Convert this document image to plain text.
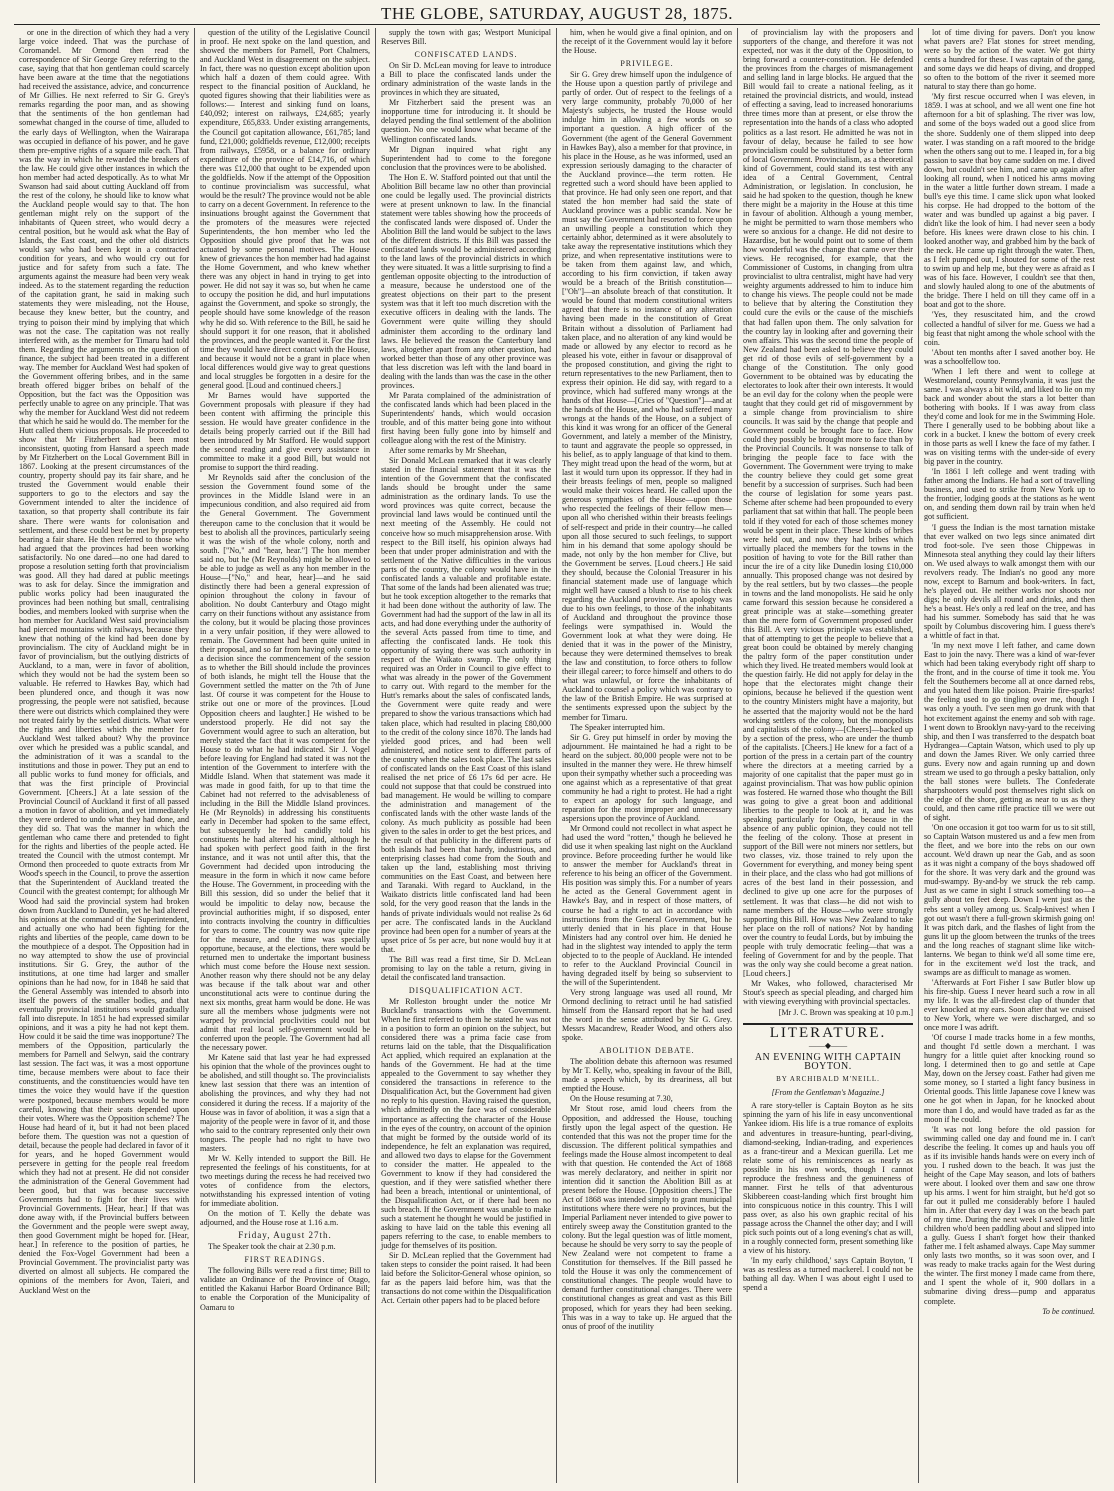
THE GLOBE, SATURDAY, AUGUST 28, 1875.

or one in the direction of which they had a very large voice indeed. That was the purchase of Coromandel. Mr Ormond then read the correspondence of Sir George Grey referring to the case, saying that that hon gentleman could scarcely have been aware at the time that the negotiations had received the assistance, advice, and concurrence of Mr Gillies. He next referred to Sir G. Grey's remarks regarding the poor man, and as showing that the sentiments of the hon gentleman had somewhat changed in the course of time, alluded to the early days of Wellington, when the Wairarapa was occupied in defiance of his power, and he gave them pre-emptive rights of a square mile each. That was the way in which he rewarded the breakers of the law. He could give other instances in which the hon member had acted despotically. As to what Mr Swanson had said about cutting Auckland off from the rest of the colony, he should like to know what the Auckland people would say to that. The hon gentleman might rely on the support of the inhabitants of Queen street, who would decry a central position, but he would ask what the Bay of Islands, the East coast, and the other old districts would say who had been kept in a contracted condition for years, and who would cry out for justice and for safety from such a fate. The arguments against the measure had been very weak indeed. As to the statement regarding the reduction of the capitation grant, he said in making such statements they were misleading, not the House, because they knew better, but the country, and trying to poison their mind by implying that which was not the case. The capitation was not really interfered with, as the member for Timaru had told them. Regarding the arguments on the question of finance, the subject had been treated in a different way. The member for Auckland West had spoken of the Government offering bribes, and in the same breath offered bigger bribes on behalf of the Opposition, but the fact was the Opposition was perfectly unable to agree on any principle. That was why the member for Auckland West did not redeem that which he said he would do. The member for the Hutt called them vicious proposals. He proceeded to show that Mr Fitzherbert had been most inconsistent, quoting from Hansard a speech made by Mr Fitzherbert on the Local Government Bill in 1867. Looking at the present circumstances of the country, property should pay its fair share, and he trusted the Government would enable their supporters to go to the electors and say the Government intended to alter the incidence of taxation, so that property shall contribute its fair share. There were wants for colonisation and settlement, and these could best be met by property bearing a fair share. He then referred to those who had argued that the provinces had been working satisfactorily. No one dared—no one had dared to propose a resolution setting forth that provincialism was good. All they had dared at public meetings was to ask for delay. Since the immigration and public works policy had been inaugurated the provinces had been nothing but small, centralising bodies, and members looked with surprise when the hon member for Auckland West said provincialism had pierced mountains with railways, because they knew that nothing of the kind had been done by provincialism. The city of Auckland might be in favor of provincialism, but the outlying districts of Auckland, to a man, were in favor of abolition, which they would not be had the system been so valuable. He referred to Hawkes Bay, which had been plundered once, and though it was now progressing, the people were not satisfied, because there were out districts which complained they were not treated fairly by the settled districts. What were the rights and liberties which the member for Auckland West talked about? Why the province over which he presided was a public scandal, and the administration of it was a scandal to the institutions and those in power. They put an end to all public works to fund money for officials, and that was the first principle of Provincial Government. [Cheers.] At a late session of the Provincial Council of Auckland it first of all passed a motion in favor of abolition, and yet immediately they were ordered to undo what they had done, and they did so. That was the manner in which the gentleman who came there and pretended to fight for the rights and liberties of the people acted. He treated the Council with the utmost contempt. Mr Ormond then proceeded to quote extracts from Mr Wood's speech in the Council, to prove the assertion that the Superintendent of Auckland treated the Council with the greatest contempt; for although Mr Wood had said the provincial system had broken down from Auckland to Dunedin, yet he had altered his opinions at the command of the Superintendent, and actually one who had been fighting for the rights and liberties of the people, came down to be the mouthpiece of a despot. The Opposition had in no way attempted to show the use of provincial institutions. Sir G. Grey, the author of the institutions, at one time had larger and smaller opinions than he had now, for in 1848 he said that the General Assembly was intended to absorb into itself the powers of the smaller bodies, and that eventually provincial institutions would gradually fall into disrepute. In 1851 he had expressed similar opinions, and it was a pity he had not kept them. How could it be said the time was inopportune? The members of the Opposition, particularly the members for Parnell and Selwyn, said the contrary last session. The fact was, it was a most opportune time, because members were about to face their constituents, and the constituencies would have ten times the voice they would have if the question were postponed, because members would be more careful, knowing that their seats depended upon their votes. Where was the Opposition scheme? The House had heard of it, but it had not been placed before them. The question was not a question of detail, because the people had declared in favor of it for years, and he hoped Government would persevere in getting for the people real freedom which they had not at present. He did not consider the administration of the General Government had been good, but that was because successive Governments had to fight for their lives with Provincial Governments. [Hear, hear.] If that was done away with, if the Provincial buffers between the Government and the people were swept away, then good Government might be hoped for. [Hear, hear.] In reference to the position of parties, he denied the Fox-Vogel Government had been a Provincial Government. The provincialist party was diverted on almost all subjects. He compared the opinions of the members for Avon, Taieri, and Auckland West on the

question of the utility of the Legislative Council in proof. He next spoke on the land question, and showed the members for Parnell, Port Chalmers, and Auckland West in disagreement on the subject. In fact, there was no question except abolition upon which half a dozen of them could agree. With respect to the financial position of Auckland, he quoted figures showing that their liabilities were as follows:— Interest and sinking fund on loans, £40,092; interest on railways, £24,685; yearly expenditure, £65,833. Under existing arrangements, the Council got capitation allowance, £61,785; land fund, £21,000; goldfields revenue, £12,000; receipts from railways, £5958, or a balance for ordinary expenditure of the province of £14,716, of which there was £12,000 that ought to be expended upon the goldfields. Now if the attempt of the Opposition to continue provincialism was successful, what would be the result? The province would not be able to carry on a decent Government. In reference to the insinuations brought against the Government that the promoters of the measures were rejected Superintendents, the hon member who led the Opposition should give proof that he was not actuated by some personal motives. The House knew of grievances the hon member had had against the Home Government, and who knew whether there was any object in hand in trying to get into power. He did not say it was so, but when he came to occupy the position he did, and hurl imputations against the Government, and spoke so strongly, the people should have some knowledge of the reason why he did so. With reference to the Bill, he said he should support it for one reason, that it abolished the provinces, and the people wanted it. For the first time they would have direct contact with the House, and because it would not be a grant in place when local differences would give way to great questions and local struggles be forgotten in a desire for the general good. [Loud and continued cheers.]

Mr Barnes would have supported the Government proposals with pleasure if they had been content with affirming the principle this session. He would have greater confidence in the details being properly carried out if the Bill had been introduced by Mr Stafford. He would support the second reading and give every assistance in committee to make it a good Bill, but would not promise to support the third reading.

Mr Reynolds said after the conclusion of the session the Government found some of the provinces in the Middle Island were in an impecunious condition, and also required aid from the General Government. The Government thereupon came to the conclusion that it would be best to abolish all the provinces, particularly seeing it was the wish of the whole colony, north and south. ["No," and "hear, hear."] The hon member said no, but he (Mr Reynolds) might be allowed to be able to judge as well as any hon member in the House—["No," and hear, hear]—and he said distinctly there had been a general expression of opinion throughout the colony in favour of abolition. No doubt Canterbury and Otago might carry on their functions without any assistance from the colony, but it would be placing those provinces in a very unfair position, if they were allowed to remain. The Government had been quite united in their proposal, and so far from having only come to a decision since the commencement of the session as to whether the Bill should include the provinces of both islands, he might tell the House that the Government settled the matter on the 7th of June last. Of course it was competent for the House to strike out one or more of the provinces. [Loud Opposition cheers and laughter.] He wished to be understood properly. He did not say the Government would agree to such an alteration, but merely stated the fact that it was competent for the House to do what he had indicated. Sir J. Vogel before leaving for England had stated it was not the intention of the Government to interfere with the Middle Island. When that statement was made it was made in good faith, for up to that time the Cabinet had not referred to the advisableness of including in the Bill the Middle Island provinces. He (Mr Reynolds) in addressing his constituents early in December had spoken to the same effect, but subsequently he had candidly told his constituents he had altered his mind, although he had spoken with perfect good faith in the first instance, and it was not until after this, that the Government had decided upon introducing the measure in the form in which it now came before the House. The Government, in proceeding with the Bill this session, did so under the belief that it would be impolitic to delay now, because the provincial authorities might, if so disposed, enter into contracts involving the country in difficulties for years to come. The country was now quite ripe for the measure, and the time was specially opportune, because, at the elections, there would be returned men to undertake the important business which must come before the House next session. Another reason why there should not be any delay was because if the talk about war and other unconstitutional acts were to continue during the next six months, great harm would be done. He was sure all the members whose judgments were not warped by provincial proclivities could not but admit that real local self-government would be conferred upon the people. The Government had all the necessary power.

Mr Katene said that last year he had expressed his opinion that the whole of the provinces ought to be abolished, and still thought so. The provincialists knew last session that there was an intention of abolishing the provinces, and why they had not considered it during the recess. If a majority of the House was in favor of abolition, it was a sign that a majority of the people were in favor of it, and those who said to the contrary represented only their own tongues. The people had no right to have two masters.

Mr W. Kelly intended to support the Bill. He represented the feelings of his constituents, for at two meetings during the recess he had received two votes of confidence from the electors, notwithstanding his expressed intention of voting for immediate abolition.

On the motion of T. Kelly the debate was adjourned, and the House rose at 1.16 a.m.

Friday, August 27th.

The Speaker took the chair at 2.30 p.m.

FIRST READINGS.

The following Bills were read a first time; Bill to validate an Ordinance of the Province of Otago, entitled the Kakanui Harbor Board Ordinance Bill; to enable the Corporation of the Municipality of Oamaru to

supply the town with gas; Westport Municipal Reserves Bill.

CONFISCATED LANDS.

On Sir D. McLean moving for leave to introduce a Bill to place the confiscated lands under the ordinary administration of the waste lands in the provinces in which they are situated,

Mr Fitzherbert said the present was an inopportune time for introducing it. It should be delayed pending the final settlement of the abolition question. No one would know what became of the Wellington confiscated lands.

Mr Dignan inquired what right any Superintendent had to come to the foregone conclusion that the provinces were to be abolished.

The Hon E. W. Stafford pointed out that until the Abolition Bill became law no other than provincial one could be legally used. The provincial districts were at present unknown to law. In the financial statement were tables showing how the proceeds of the confiscated lands were disposed of. Under the Abolition Bill the land would be subject to the laws of the different districts. If this Bill was passed the confiscated lands would be administered according to the land laws of the provincial districts in which they were situated. It was a little surprising to find a gentleman opposite objecting to the introduction of a measure, because he understood one of the greatest objections on their part to the present system was that it left too much discretion with the executive officers in dealing with the lands. The Government were quite willing they should administer them according to the ordinary land laws. He believed the reason the Canterbury land laws, altogether apart from any other question, had worked better than those of any other province was that less discretion was left with the land board in dealing with the lands than was the case in the other provinces.

Mr Parata complained of the administration of the confiscated lands which had been placed in the Superintendents' hands, which would occasion trouble, and of this matter being gone into without first having been fully gone into by himself and colleague along with the rest of the Ministry.

After some remarks by Mr Sheehan,

Sir Donald McLean remarked that it was clearly stated in the financial statement that it was the intention of the Government that the confiscated lands should be brought under the same administration as the ordinary lands. To use the word provinces was quite correct, because the provincial land laws would be continued until the next meeting of the Assembly. He could not conceive how so much misapprehension arose. With respect to the Bill itself, his opinion always had been that under proper administration and with the settlement of the Native difficulties in the various parts of the country, the colony would have in the confiscated lands a valuable and profitable estate. That some of the lands had been alienated was true; but he took exception altogether to the remarks that it had been done without the authority of law. The Government had had the support of the law in all its acts, and had done everything under the authority of the several Acts passed from time to time, and affecting the confiscated lands. He took this opportunity of saying there was such authority in respect of the Waikato swamp. The only thing required was an Order in Council to give effect to what was already in the power of the Government to carry out. With regard to the member for the Hutt's remarks about the sales of confiscated lands, the Government were quite ready and were prepared to show the various transactions which had taken place, which had resulted in placing £80,000 to the credit of the colony since 1870. The lands had yielded good prices, and had been well administered, and notice sent to different parts of the country when the sales took place. The last sales of confiscated lands on the East Coast of this island realised the net price of £6 17s 6d per acre. He could not suppose that that could be construed into bad management. He would be willing to compare the administration and management of the confiscated lands with the other waste lands of the colony. As much publicity as possible had been given to the sales in order to get the best prices, and the result of that publicity in the different parts of both islands had been that hardy, industrious, and enterprising classes had come from the South and taken up the land, establishing most thriving communities on the East Coast, and between here and Taranaki. With regard to Auckland, in the Waikato districts little confiscated land had been sold, for the very good reason that the lands in the hands of private individuals would not realise 2s 6d per acre. The confiscated lands in the Auckland province had been open for a number of years at the upset price of 5s per acre, but none would buy it at that.

The Bill was read a first time, Sir D. McLean promising to lay on the table a return, giving in detail the confiscated land transaction.

DISQUALIFICATION ACT.

Mr Rolleston brought under the notice Mr Buckland's transactions with the Government. When he first referred to them he stated he was not in a position to form an opinion on the subject, but considered there was a prima facie case from returns laid on the table, that the Disqualification Act applied, which required an explanation at the hands of the Government. He had at the time appealed to the Government to say whether they considered the transactions in reference to the Disqualification Act, but the Government had given no reply to his question. Having raised the question, which admittedly on the face was of considerable importance as affecting the character of the House in the eyes of the country, on account of the opinion that might be formed by the outside world of its independence, he felt an explanation was required, and allowed two days to elapse for the Government to consider the matter. He appealed to the Government to know if they had considered the question, and if they were satisfied whether there had been a breach, intentional or unintentional, of the Disqualification Act, or if there had been no such breach. If the Government was unable to make such a statement he thought he would be justified in asking to have laid on the table this evening all papers referring to the case, to enable members to judge for themselves of its position.

Sir D. McLean replied that the Government had taken steps to consider the point raised. It had been laid before the Solicitor-General whose opinion, so far as the papers laid before him, was that the transactions do not come within the Disqualification Act. Certain other papers had to be placed before

him, when he would give a final opinion, and on the receipt of it the Government would lay it before the House.

PRIVILEGE.

Sir G. Grey drew himself upon the indulgence of the House upon a question partly of privilege and partly of order. Out of respect to the feelings of a very large community, probably 70,000 of her Majesty's subjects, he trusted the House would indulge him in allowing a few words on so important a question. A high officer of the Government (the agent of the General Government in Hawkes Bay), also a member for that province, in his place in the House, as he was informed, used an expression seriously damaging to the character of the Auckland province—the term rotten. He regretted such a word should have been applied to that province. He had only seen one report, and that stated the hon member had said the state of Auckland province was a public scandal. Now he must say the Government had resorted to force upon an unwilling people a constitution which they certainly abhor, determined as it were absolutely to take away the representative institutions which they prize, and when representative institutions were to be taken from them against law, and which, according to his firm conviction, if taken away would be a breach of the British constitution—["Oh"]—an absolute breach of that constitution. It would be found that modern constitutional writers agreed that there is no instance of any alteration having been made in the constitution of Great Britain without a dissolution of Parliament had taken place, and no alteration of any kind would be made or allowed by any elector to record as he pleased his vote, either in favour or disapproval of the proposed constitution, and giving the right to return representatives to the new Parliament, then to express their opinion. He did say, with regard to a province, which had suffered many wrongs at the hands of that House—[Cries of "Question"]—and at the hands of the House, and who had suffered many wrongs at the hands of the House, on a subject of this kind it was wrong for an officer of the General Government, and lately a member of the Ministry, to taunt and aggravate the people so oppressed, in his belief, as to apply language of that kind to them. They might tread upon the head of the worm, but at last it would turn upon its oppressor. If they had in their breasts feelings of men, people so maligned would make their voices heard. He called upon the generous sympathies of the House—upon those who respected the feelings of their fellow men—upon all who cherished within their breasts feelings of self-respect and pride in their country—he called upon all those secured to such feelings, to support him in his demand that some apology should be made, not only by the hon member for Clive, but the Government be serves. [Loud cheers.] He said they should, because the Colonial Treasurer in his financial statement made use of language which might well have caused a blush to rise to his cheek regarding the Auckland province. An apology was due to his own feelings, to those of the inhabitants of Auckland and throughout the province those feelings were sympathised in. Would the Government look at what they were doing. He denied that it was in the power of the Ministry, because they were determined themselves to break the law and constitution, to force others to follow their illegal career; to force himself and others to do what was unlawful, or force the inhabitants of Auckland to counsel a policy which was contrary to the law of the British Empire. He was surprised at the sentiments expressed upon the subject by the member for Timaru.

The Speaker interrupted him.

Sir G. Grey put himself in order by moving the adjournment. He maintained he had a right to be heard on the subject. 80,000 people were not to be insulted in the manner they were. He threw himself upon their sympathy whether such a proceeding was one against which as a representative of that great community he had a right to protest. He had a right to expect an apology for such language, and reparation for the most improper and unnecessary aspersions upon the province of Auckland.

Mr Ormond could not recollect in what aspect he had used the word "rotten," though he believed he did use it when speaking last night on the Auckland province. Before proceeding further he would like to answer the member for Auckland's threat in reference to his being an officer of the Government. His position was simply this. For a number of years he acted as the General Government agent in Hawke's Bay, and in respect of those matters, of course he had a right to act in accordance with instructions from the General Government, but he utterly denied that in his place in that House Ministers had any control over him. He denied he had in the slightest way intended to apply the term objected to to the people of Auckland. He intended to refer to the Auckland Provincial Council in having degraded itself by being so subservient to the will of the Superintendent.

Very strong language was used all round, Mr Ormond declining to retract until he had satisfied himself from the Hansard report that he had used the word in the sense attributed by Sir G. Grey. Messrs Macandrew, Reader Wood, and others also spoke.

ABOLITION DEBATE.

The abolition debate this afternoon was resumed by Mr T. Kelly, who, speaking in favour of the Bill, made a speech which, by its dreariness, all but emptied the House.

On the House resuming at 7.30,

Mr Stout rose, amid loud cheers from the Opposition, and addressed the House, touching firstly upon the legal aspect of the question. He contended that this was not the proper time for the discussion. The different political sympathies and feelings made the House almost incompetent to deal with that question. He contended the Act of 1868 was merely declaratory, and neither in spirit nor intention did it sanction the Abolition Bill as at present before the House. [Opposition cheers.] The Act of 1868 was intended simply to grant municipal institutions where there were no provinces, but the Imperial Parliament never intended to give power to entirely sweep away the Constitution granted to the colony. But the legal question was of little moment, because he should be very sorry to say the people of New Zealand were not competent to frame a Constitution for themselves. If the Bill passed he told the House it was only the commencement of constitutional changes. The people would have to demand further constitutional changes. There were constitutional changes as great and vast as this Bill proposed, which for years they had been seeking. This was in a way to take up. He argued that the onus of proof of the inutility

of provincialism lay with the proposers and supporters of the change, and therefore it was not expected, nor was it the duty of the Opposition, to bring forward a counter-constitution. He defended the provinces from the charges of mismanagement and selling land in large blocks. He argued that the Bill would fail to create a national feeling, as it retained the provincial districts, and would, instead of effecting a saving, lead to increased honorariums three times more than at present, or else throw the representation into the hands of a class who adopted politics as a last resort. He admitted he was not in favour of delay, because he failed to see how provincialism could be substituted by a better form of local Government. Provincialism, as a theoretical kind of Government, could stand its test with any idea of a Central Government, Central Administration, or legislation. In conclusion, he said he had spoken to the question, though he knew there might be a majority in the House at this time in favour of abolition. Although a young member, he might be permitted to warn those members who were so anxious for a change. He did not desire to Hazardise, but he would point out to some of them how wonderful was the change that came over their views. He recognised, for example, that the Commissioner of Customs, in changing from ultra provincialist to ultra centralist, might have had very weighty arguments addressed to him to induce him to change his views. The people could not be made to believe that by altering the Constitution they could cure the evils or the cause of the mischiefs that had fallen upon them. The only salvation for the country lay in looking after and governing their own affairs. This was the second time the people of New Zealand had been asked to believe they could get rid of those evils of self-government by a change of the Constitution. The only good Government to be obtained was by educating the electorates to look after their own interests. It would be an evil day for the colony when the people were taught that they could get rid of misgovernment by a simple change from provincialism to shire councils. It was said by the change that people and Government could be brought face to face. How could they possibly be brought more to face than by the Provincial Councils. It was nonsense to talk of bringing the people face to face with the Government. The Government were trying to make the country believe they could get some great benefit by a succession of surprises. Such had been the course of legislation for some years past. Scheme after scheme had been propounded to every parliament that sat within that hall. The people been told if they voted for each of those schemes money would be spent in their place. These kinds of bribes were held out, and now they had bribes which virtually placed the members for the towns in the position of having to vote for the Bill rather than incur the ire of a city like Dunedin losing £10,000 annually. This proposed change was not desired by by the real settlers, but by two classes—the people in towns and the land monopolists. He said he only came forward this session because he considered a great principle was at stake—something greater than the mere form of Government proposed under this Bill. A very vicious principle was established, that of attempting to get the people to believe that a great boon could be obtained by merely changing the paltry form of the paper constitution under which they lived. He treated members would look at the question fairly. He did not apply for delay in the hope that the electorates might change their opinions, because he believed if the question went to the country Ministers might have a majority, but he asserted that the majority would not be the hard working settlers of the colony, but the monopolists and capitalists of the colony—[Cheers]—backed up by a section of the press, who are under the thumb of the capitalists. [Cheers.] He knew for a fact of a portion of the press in a certain part of the country where the directors at a meeting carried by a majority of one capitalist that the paper must go in against provincialism. That was how public opinion was fostered. He warned those who thought the Bill was going to give a great boon and additional liberties to the people to look at it, and he was speaking particularly for Otago, because in the absence of any public opinion, they could not tell the feeling of the colony. Those at present in support of the Bill were not miners nor settlers, but two classes, viz. those trained to rely upon the Government for everything, and money being spent in their place, and the class who had got millions of acres of the best land in their possession, and declined to give up one acre for the purposes of settlement. It was that class—he did not wish to name members of the House—who were strongly supporting this Bill. How was New Zealand to take her place on the roll of nations? Not by handing over the country to feudal Lords, but by imbuing the people with truly democratic feeling—that was a feeling of Government for and by the people. That was the only way she could become a great nation. [Loud cheers.]

Mr Wakes, who followed, characterised Mr Stout's speech as special pleading, and charged him with viewing everything with provincial spectacles.

[Mr J. C. Brown was speaking at 10 p.m.]
LITERATURE.
——◆——
AN EVENING WITH CAPTAIN BOYTON.
BY ARCHIBALD M'NEILL.
[From the Gentleman's Magazine.]

A rare story-teller is Captain Boyton as he sits spinning the yarn of his life in easy unconventional Yankee idiom. His life is a true romance of exploits and adventures in treasure-hunting, pearl-diving, diamond-seeking, Indian-trading, and experiences as a franc-tireur and a Mexican guerilla. Let me relate some of his reminiscences as nearly as possible in his own words, though I cannot reproduce the freshness and the genuineness of manner. First he tells of that adventurous Skibbereen coast-landing which first brought him into conspicuous notice in this country. This I will pass over, as also his own graphic recital of his passage across the Channel the other day; and I will pick such points out of a long evening's chat as will, in a roughly connected form, present something like a view of his history.

'In my early childhood,' says Captain Boyton, 'I was as restless as a turned mackerel. I could not be bathing all day. When I was about eight I used to spend a

lot of time diving for pavers. Don't you know what pavers are? Flat stones for street mending, were so by the action of the water. We got thirty cents a hundred for these. I was captain of the gang, and some days we did heaps of diving, and dropped so often to the bottom of the river it seemed more natural to stay there than go home.

'My first rescue occurred when I was eleven, in 1859. I was at school, and we all went one fine hot afternoon for a bit of splashing. The river was low, and some of the boys waded out a good slice from the shore. Suddenly one of them slipped into deep water. I was standing on a raft moored to the bridge when the others sang out to me. I leaped in, for a big passion to save that boy came sudden on me. I dived down, but couldn't see him, and came up again after looking all round, when I noticed his arms moving in the water a little further down stream. I made a bull's eye this time. I came slick upon what looked his corpse. He had dropped to the bottom of the water and was bundled up against a big paver. I didn't like the look of him. I had never seen a body before. His knees were drawn close to his chin. I looked another way, and grabbed him by the back of the neck. He came up right through the water. Then, as I felt pumped out, I shouted for some of the rest to swim up and help me, but they were as afraid as I was of his face. However, I couldn't see that then, and slowly hauled along to one of the abutments of the bridge. There I held on till they came off in a boat and got to the shore.

'Yes, they resuscitated him, and the crowd collected a handful of silver for me. Guess we had a big feast that night among the whole school with the coin.

'About ten months after I saved another boy. He was a schoolfellow too.

'When I left there and went to college at Westmoreland, county Pennsylvania, it was just the same. I was always a bit wild, and liked to lie on my back and wonder about the stars a lot better than bothering with books. If I was away from class they'd come and look for me in the Swimming Hole. There I generally used to be bobbing about like a cork in a bucket. I knew the bottom of every creek in those parts as well I knew the face of my father. I was on visiting terms with the under-side of every big paver in the country.

'In 1861 I left college and went trading with father among the Indians. He had a sort of travelling business, and used to strike from New York up to the frontier, lodging goods at the stations as he went on, and sending them down rail by train when he'd got sufficient.

'I guess the Indian is the most tarnation mistake that ever walked on two legs since animated dirt trod foot-sole. I've seen those Chippewas in Minnesota steal anything they could lay their lifters on. We used always to walk amongst them with our revolvers ready. The Indian's no good any more now, except to Barnum and book-writers. In fact, he's played out. He neither works nor shoots nor digs; he only devils all round and drinks, and then he's a beast. He's only a red leaf on the tree, and has had his summer. Somebody has said that he was spoilt by Columbus discovering him. I guess there's a whittle of fact in that.

'In my next move I left father, and came down East to join the navy. There was a kind of war-fever which had been taking everybody right off sharp to the front, and in the course of time it took me. You felt the Southerners become all at once darned rebs, and you hated them like poison. Prairie fire-sparks! the feeling used to go tingling over me, though I was only a youth. I've seen men go drunk with that hot excitement against the enemy and sob with rage. I went down to Brooklyn navy-yard to the receiving ship, and then I was transferred to the despatch boat Hydrangea—Captain Watson, which used to ply up and down the James River. We only carried three guns. Every now and again running up and down stream we used to go through a pesky battalion, only the ball stones were bullets. The Confederate sharpshooters would post themselves right slick on the edge of the shore, getting as near to us as they could, and then came rifle practice till we were out of sight.

'On one occasion it got too warm for us to sit still, so Captain Watson mustered us and a few men from the fleet, and we bore into the rebs on our own account. We'd drawn up near the Gab, and as soon as it was night a company of the boys shadowed off for the shore. It was very dark and the ground was mud-swampy. By-and-by we struck the reb camp. Just as we came in sight I struck something too—a gully about ten feet deep. Down I went just as the rebs sent a volley among us. Scalp-knives! when I got out wasn't there a full-grown skirmish going on! It was pitch dark, and the flashes of light from the guns lit up the gloom between the trunks of the trees and the long reaches of stagnant slime like witch-lanterns. We began to think we'd all some time ere, for in the excitement we'd lost the track, and swamps are as difficult to manage as women.

'Afterwards at Fort Fisher I saw Butler blow up his fire-ship. Guess I never heard such a row in all my life. It was the all-firedest clap of thunder that ever knocked at my ears. Soon after that we cruised to New York, where we were discharged, and so once more I was adrift.

'Of course I made tracks home in a few months, and thought I'd settle down a merchant. I was hungry for a little quiet after knocking round so long. I determined then to go and settle at Cape May, down on the Jersey coast. Father had given me some money, so I started a light fancy business in Oriental goods. This little Japanese cove I knew was one he got when in Japan, for he knocked about more than I do, and would have traded as far as the moon if he could.

'It was not long before the old passion for swimming called one day and found me in. I can't describe the feeling. It comes up and hauls you off as if its invisible hands hands were on every inch of you. I rushed down to the beach. It was just the height of the Cape May season, and lots of bathers were about. I looked over them and saw one throw up his arms. I went for him straight, but he'd got so far out it pulled me considerably before I hauled him in. After that every day I was on the beach part of my time. During the next week I saved two little children who'd been paddling about and slipped into a gully. Guess I shan't forget how their thanked father me. I felt ashamed always. Cape May summer only lasts two months, so it was soon over, and I was ready to make tracks again for the West during the winter. The first money I made came from there, and I spent the whole of it, 900 dollars in a submarine diving dress—pump and apparatus complete.

To be continued.
